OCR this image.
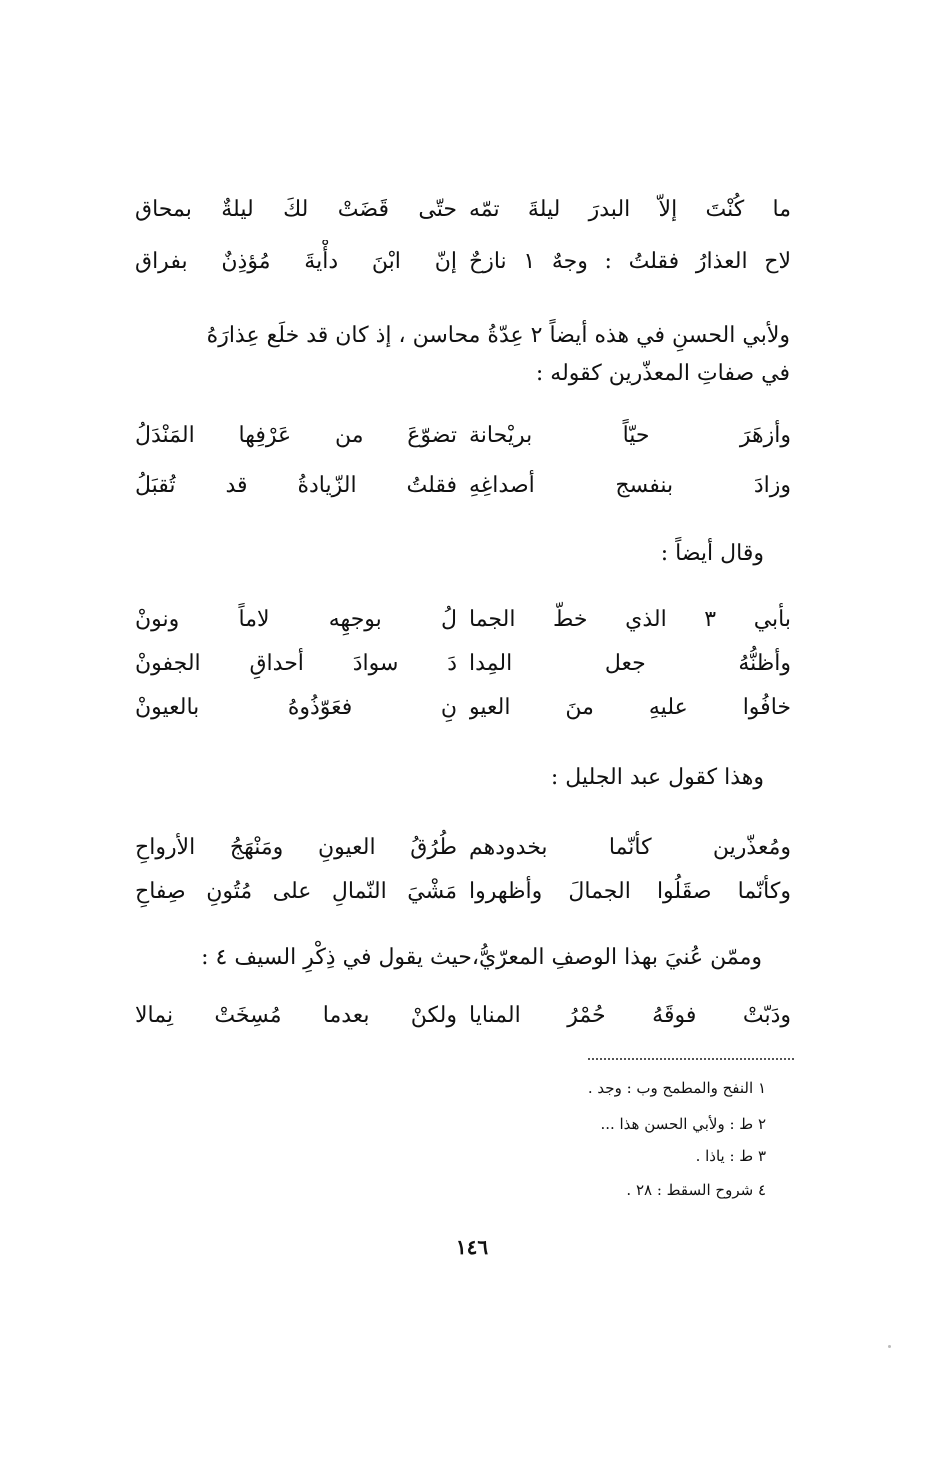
ما كُنْتَ إلاّ البدرَ ليلةَ تمّه
حتّى قَضَتْ لكَ ليلةٌ بمحاق
لاح العذارُ فقلتُ : وجهٌ ١ نازحٌ
إنّ ابْنَ دأْيةَ مُؤذِنٌ بفراق
ولأبي الحسنِ في هذه أيضاً ٢ عِدّةُ محاسن ، إذ كان قد خلَع عِذارَهُ
في صفاتِ المعذّرين كقوله :
وأزهَرَ حيّاً بريْحانة
تضوّعَ من عَرْفِها المَنْدَلُ
وزادَ بنفسج أصداغِهِ
فقلتُ الزّيادةُ قد تُقبَلُ
وقال أيضاً :
بأبي ٣ الذي خطّ الجما
لُ بوجهِه لاماً ونونْ
وأظنُّهُ جعل المِدا
دَ سوادَ أحداقِ الجفونْ
خافُوا عليهِ منَ العيو
نِ فعَوّذُوهُ بالعيونْ
وهذا كقول عبد الجليل :
ومُعذّرين كأنّما بخدودهم
طُرُقُ العيونِ ومَنْهَجُ الأرواحِ
وكأنّما صقَلُوا الجمالَ وأظهروا
مَشْيَ النّمالِ على مُتُونِ صِفاحِ
وممّن عُنيَ بهذا الوصفِ المعرّيُّ،حيث يقول في ذِكْرِ السيف ٤ :
ودَبّتْ فوقَهُ حُمْرُ المنايا
ولكنْ بعدما مُسِخَتْ نِمالا
١ النفح والمطمح وب : وجد .
٢ ط : ولأبي الحسن هذا ...
٣ ط : ياذا .
٤ شروح السقط : ٢٨ .
١٤٦
